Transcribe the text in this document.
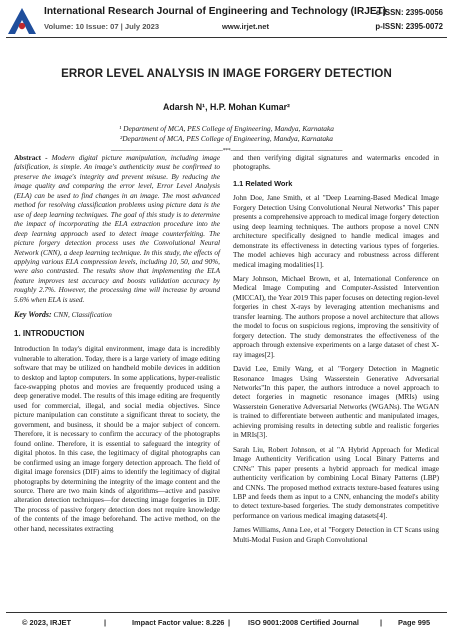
International Research Journal of Engineering and Technology (IRJET)
Volume: 10 Issue: 07 | July 2023	www.irjet.net
e-ISSN: 2395-0056
p-ISSN: 2395-0072
ERROR LEVEL ANALYSIS IN IMAGE FORGERY DETECTION
Adarsh N¹, H.P. Mohan Kumar²
¹ Department of MCA, PES College of Engineering, Mandya, Karnataka
²Department of MCA, PES College of Engineering, Mandya, Karnataka
----------------------------------------------------------------------***----------------------------------------------------------------------

Abstract - Modern digital picture manipulation, including image falsification, is simple. An image's authenticity must be confirmed to preserve the image's integrity and prevent misuse. By reducing the image quality and comparing the error level, Error Level Analysis (ELA) can be used to find changes in an image. The most advanced method for resolving classification problems using picture data is the use of deep learning techniques. The goal of this study is to determine the impact of incorporating the ELA extraction procedure into the deep learning approach used to detect image counterfeiting. The picture forgery detection process uses the Convolutional Neural Network (CNN), a deep learning technique. In this study, the effects of applying various ELA compression levels, including 10, 50, and 90%, were also contrasted. The results show that implementing the ELA feature improves test accuracy and boosts validation accuracy by roughly 2.7%. However, the processing time will increase by around 5.6% when ELA is used.

Key Words: CNN, Classification

1. INTRODUCTION

Introduction In today's digital environment, image data is incredibly vulnerable to alteration. Today, there is a large variety of image editing software that may be utilized on handheld mobile devices in addition to desktop and laptop computers. In some applications, hyper-realistic face-swapping photos and movies are frequently produced using a deep generative model. The results of this image editing are frequently used for commercial, illegal, and social media objectives. Since picture manipulation can constitute a significant threat to society, the government, and business, it should be a major subject of concern. Therefore, it is necessary to confirm the accuracy of the photographs found online. Therefore, it is essential to safeguard the integrity of digital photos. In this case, the legitimacy of digital photographs can be confirmed using an image forgery detection approach. The field of digital image forensics (DIF) aims to identify the legitimacy of digital photographs by determining the integrity of the image content and the source. There are two main kinds of algorithms—active and passive alteration detection techniques—for detecting image forgeries in DIF. The process of passive forgery detection does not require knowledge of the contents of the image beforehand. The active method, on the other hand, necessitates extracting

and then verifying digital signatures and watermarks encoded in photographs.

1.1 Related Work

John Doe, Jane Smith, et al "Deep Learning-Based Medical Image Forgery Detection Using Convolutional Neural Networks" This paper presents a comprehensive approach to medical image forgery detection using deep learning techniques. The authors propose a novel CNN architecture specifically designed to handle medical images and demonstrate its effectiveness in detecting various types of forgeries. The model achieves high accuracy and robustness across different medical imaging modalities[1].

Mary Johnson, Michael Brown, et al, International Conference on Medical Image Computing and Computer-Assisted Intervention (MICCAI), the Year 2019 This paper focuses on detecting region-level forgeries in chest X-rays by leveraging attention mechanisms and transfer learning. The authors propose a novel architecture that allows the model to focus on suspicious regions, improving the sensitivity of forgery detection. The study demonstrates the effectiveness of the approach through extensive experiments on a large dataset of chest X-ray images[2].

David Lee, Emily Wang, et al "Forgery Detection in Magnetic Resonance Images Using Wasserstein Generative Adversarial Networks"In this paper, the authors introduce a novel approach to detect forgeries in magnetic resonance images (MRIs) using Wasserstein Generative Adversarial Networks (WGANs). The WGAN is trained to differentiate between authentic and manipulated images, achieving promising results in detecting subtle and realistic forgeries in MRIs[3].

Sarah Liu, Robert Johnson, et al "A Hybrid Approach for Medical Image Authenticity Verification using Local Binary Patterns and CNNs" This paper presents a hybrid approach for medical image authenticity verification by combining Local Binary Patterns (LBP) and CNNs. The proposed method extracts texture-based features using LBP and feeds them as input to a CNN, enhancing the model's ability to detect texture-based forgeries. The study demonstrates competitive performance on various medical imaging datasets[4].

James Williams, Anna Lee, et al "Forgery Detection in CT Scans using Multi-Modal Fusion and Graph Convolutional

© 2023, IRJET	|	Impact Factor value: 8.226 | ISO 9001:2008 Certified Journal	| Page 995
